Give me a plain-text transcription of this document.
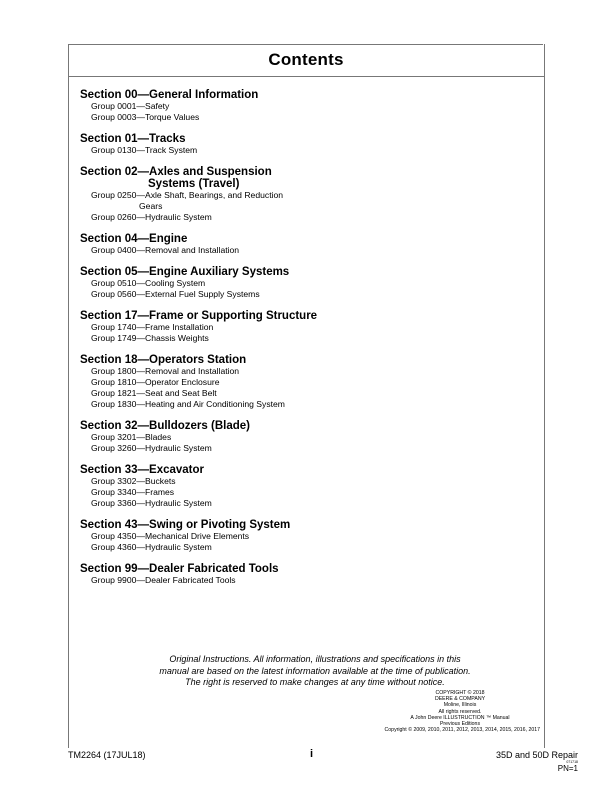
Contents
Section 00—General Information
Group 0001—Safety
Group 0003—Torque Values
Section 01—Tracks
Group 0130—Track System
Section 02—Axles and Suspension
Systems (Travel)
Group 0250—Axle Shaft, Bearings, and Reduction
Gears
Group 0260—Hydraulic System
Section 04—Engine
Group 0400—Removal and Installation
Section 05—Engine Auxiliary Systems
Group 0510—Cooling System
Group 0560—External Fuel Supply Systems
Section 17—Frame or Supporting Structure
Group 1740—Frame Installation
Group 1749—Chassis Weights
Section 18—Operators Station
Group 1800—Removal and Installation
Group 1810—Operator Enclosure
Group 1821—Seat and Seat Belt
Group 1830—Heating and Air Conditioning System
Section 32—Bulldozers (Blade)
Group 3201—Blades
Group 3260—Hydraulic System
Section 33—Excavator
Group 3302—Buckets
Group 3340—Frames
Group 3360—Hydraulic System
Section 43—Swing or Pivoting System
Group 4350—Mechanical Drive Elements
Group 4360—Hydraulic System
Section 99—Dealer Fabricated Tools
Group 9900—Dealer Fabricated Tools
Original Instructions. All information, illustrations and specifications in this
manual are based on the latest information available at the time of publication.
The right is reserved to make changes at any time without notice.
COPYRIGHT © 2018
DEERE & COMPANY
Moline, Illinois
All rights reserved.
A John Deere ILLUSTRUCTION ™ Manual
Previous Editions
Copyright © 2009, 2010, 2011, 2012, 2013, 2014, 2015, 2016, 2017
TM2264 (17JUL18)	i	35D and 50D Repair
071718
PN=1
